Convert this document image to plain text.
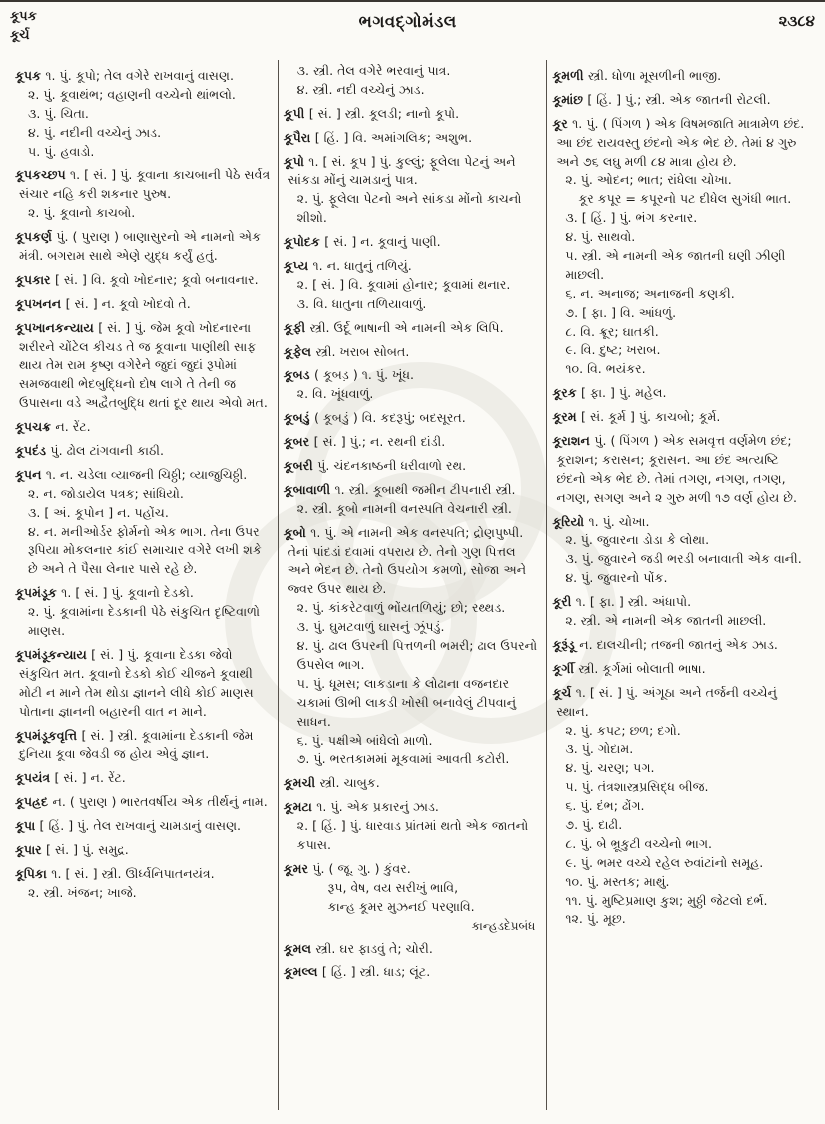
કૂપક
કૂર્ચ
ભગવદ્ગોમંડલ	૨૩૮૪

કૂપક ૧. પું. કૂપો; તેલ વગેરે રાખવાનું વાસણ.

૨. પું. કૂવાથંભ; વહાણની વચ્ચેનો થાંભલો.

૩. પું. ચિતા.

૪. પું. નદીની વચ્ચેનું ઝાડ.

૫. પું. હવાડો.

કૂપકચ્છપ ૧. [ સં. ] પું. કૂવાના કાચબાની પેઠે સર્વત્ર સંચાર નહિ કરી શકનાર પુરુષ.

૨. પું. કૂવાનો કાચબો.

કૂપકર્ણ પું. ( પુરાણ ) બાણાસુરનો એ નામનો એક મંત્રી. બગરામ સાથે એણે યુદ્ધ કર્યું હતું.

કૂપકાર [ સં. ] વિ. કૂવો ખોદનાર; કૂવો બનાવનાર.

કૂપખનન [ સં. ] ન. કૂવો ખોદવો તે.

કૂપખાનકન્યાય [ સં. ] પું. જેમ કૂવો ખોદનારના શરીરને ચોંટેલ કીચડ તે જ કૂવાના પાણીથી સાફ થાય તેમ રામ કૃષ્ણ વગેરેને જુદાં જુદાં રૂપોમાં સમજવાથી ભેદબુદ્ધિનો દોષ લાગે તે તેની જ ઉપાસના વડે અદ્વૈતબુદ્ધિ થતાં દૂર થાય એવો મત.

કૂપચક્ર ન. રેંટ.

કૂપદંડ પું. ઢોલ ટાંગવાની કાઠી.

કૂપન ૧. ન. ચડેલા વ્યાજની ચિઠ્ઠી; વ્યાજુચિઠ્ઠી.

૨. ન. જોડાયેલ પત્રક; સાંધિયો.

૩. [ અં. કૂપોન ] ન. પહોંચ.

૪. ન. મનીઓર્ડર ફોર્મનો એક ભાગ. તેના ઉપર રૂપિયા મોકલનાર કાંઈ સમાચાર વગેરે લખી શકે છે અને તે પૈસા લેનાર પાસે રહે છે.

કૂપમંડૂક ૧. [ સં. ] પું. કૂવાનો દેડકો.

૨. પું. કૂવામાંના દેડકાની પેઠે સંકુચિત દૃષ્ટિવાળો માણસ.

કૂપમંડૂકન્યાય [ સં. ] પું. કૂવાના દેડકા જેવો સંકુચિત મત. કૂવાનો દેડકો કોઈ ચીજને કૂવાથી મોટી ન માને તેમ થોડા જ્ઞાનને લીધે કોઈ માણસ પોતાના જ્ઞાનની બહારની વાત ન માને.

કૂપમંડૂકવૃત્તિ [ સં. ] સ્ત્રી. કૂવામાંના દેડકાની જેમ દુનિયા કૂવા જેવડી જ હોય એવું જ્ઞાન.

કૂપયંત્ર [ સં. ] ન. રેંટ.

કૂપહ્રદ ન. ( પુરાણ ) ભારતવર્ષીય એક તીર્થનું નામ.

કૂપા [ હિં. ] પું. તેલ રાખવાનું ચામડાનું વાસણ.

કૂપાર [ સં. ] પું. સમુદ્ર.

કૂપિકા ૧. [ સં. ] સ્ત્રી. ઊર્ધ્વનિપાતનયંત્ર.

૨. સ્ત્રી. ખંજન; ખાજે.

૩. સ્ત્રી. તેલ વગેરે ભરવાનું પાત્ર.

૪. સ્ત્રી. નદી વચ્ચેનું ઝાડ.

કૂપી [ સં. ] સ્ત્રી. કૂલડી; નાનો કૂપો.

કૂપૈરા [ હિં. ] વિ. અમાંગલિક; અશુભ.

કૂપો ૧. [ સં. કૂપ ] પું. કુલ્લું; ફૂલેલા પેટનું અને સાંકડા મોંનું ચામડાનું પાત્ર.

૨. પું. ફૂલેલા પેટનો અને સાંકડા મોંનો કાચનો શીશો.

કૂપોદક [ સં. ] ન. કૂવાનું પાણી.

કૂપ્ય ૧. ન. ધાતુનું તળિયું.

૨. [ સં. ] વિ. કૂવામાં હોનાર; કૂવામાં થનાર.

૩. વિ. ધાતુના તળિયાવાળું.

કૂફી સ્ત્રી. ઉર્દૂ ભાષાની એ નામની એક લિપિ.

કૂફેલ સ્ત્રી. ખરાબ સોબત.

કૂબડ ( કૂબડ઼ ) ૧. પું. ખૂંધ.

૨. વિ. ખૂંધવાળું.

કૂબડું ( કૂબડ઼ું ) વિ. કદરૂપું; બદસૂરત.

કૂબર [ સં. ] પું.; ન. રથની દાંડી.

કૂબરી પું. ચંદનકાષ્ઠની ધરીવાળો રથ.

કૂબાવાળી ૧. સ્ત્રી. કૂબાથી જમીન ટીપનારી સ્ત્રી.

૨. સ્ત્રી. કૂબો નામની વનસ્પતિ વેચનારી સ્ત્રી.

કૂબો ૧. પું. એ નામની એક વનસ્પતિ; દ્રોણપુષ્પી. તેનાં પાંદડાં દવામાં વપરાય છે. તેનો ગુણ પિત્તલ અને ભેદન છે. તેનો ઉપયોગ કમળો, સોજા અને જ્વર ઉપર થાય છે.

૨. પું. કાંકરેટવાળું ભોંયતળિયું; છો; રથ્થડ.

૩. પું. ઘુમટવાળું ઘાસનું ઝૂંપડું.

૪. પું. ઢાલ ઉપરની પિત્તળની ભમરી; ઢાલ ઉપરનો ઉપસેલ ભાગ.

૫. પું. ધૂમસ; લાકડાના કે લોઢાના વજનદાર ચકામાં ઊભી લાકડી ખોસી બનાવેલું ટીપવાનું સાધન.

૬. પું. પક્ષીએ બાંધેલો માળો.

૭. પું. ભરતકામમાં મૂકવામાં આવતી કટોરી.

કૂમચી સ્ત્રી. ચાબુક.

કૂમટા ૧. પું. એક પ્રકારનું ઝાડ.

૨. [ હિં. ] પું. ધારવાડ પ્રાંતમાં થતો એક જાતનો કપાસ.

કૂમર પું. ( જૂ. ગુ. ) કુંવર.

રૂપ, વેષ, વય સરીખું ભાવિ,

કાન્હ કૂમર મુઝનઈ પરણાવિ.

કાન્હડદેપ્રબંધ

કૂમલ સ્ત્રી. ઘર ફાડવું તે; ચોરી.

કૂમલ્લ [ હિં. ] સ્ત્રી. ધાડ; લૂંટ.

કૂમળી સ્ત્રી. ધોળા મૂસળીની ભાજી.

કૂમાંછ [ હિં. ] પું.; સ્ત્રી. એક જાતની રોટલી.

કૂર ૧. પું. ( પિંગળ ) એક વિષમજાતિ માત્રામેળ છંદ. આ છંદ રાયવસ્તુ છંદનો એક ભેદ છે. તેમાં ૪ ગુરુ અને ૭૬ લઘુ મળી ૮૪ માત્રા હોય છે.

૨. પું. ઓદન; ભાત; રાંધેલા ચોખા.

કૂર કપૂર = કપૂરનો પટ દીધેલ સુગંધી ભાત.

૩. [ હિં. ] પું. ભંગ કરનાર.

૪. પું. સાથવો.

૫. સ્ત્રી. એ નામની એક જાતની ઘણી ઝીણી માછલી.

૬. ન. અનાજ; અનાજની કણકી.

૭. [ ફા. ] વિ. આંધળું.

૮. વિ. ક્રૂર; ઘાતકી.

૯. વિ. દુષ્ટ; ખરાબ.

૧૦. વિ. ભયંકર.

કૂરક [ ફા. ] પું. મહેલ.

કૂરમ [ સં. કૂર્મ ] પું. કાચબો; કૂર્મ.

કૂરાશન પું. ( પિંગળ ) એક સમવૃત્ત વર્ણમેળ છંદ; કૂરાશન; કરાસન; કૂરાસન. આ છંદ અત્યષ્ટિ છંદનો એક ભેદ છે. તેમાં તગણ, નગણ, તગણ, નગણ, સગણ અને ૨ ગુરુ મળી ૧૭ વર્ણ હોય છે.

કૂરિયો ૧. પું. ચોખા.

૨. પું. જુવારના ડોડા કે લોથા.

૩. પું. જુવારને જડી ભરડી બનાવાતી એક વાની.

૪. પું. જુવારનો પોંક.

કૂરી ૧. [ ફા. ] સ્ત્રી. અંધાપો.

૨. સ્ત્રી. એ નામની એક જાતની માછલી.

કૂરૂંડૂ ન. દાલચીની; તજની જાતનું એક ઝાડ.

કૂર્ગી સ્ત્રી. કૂર્ગમાં બોલાતી ભાષા.

કૂર્ચ ૧. [ સં. ] પું. અંગૂઠા અને તર્જની વચ્ચેનું સ્થાન.

૨. પું. કપટ; છળ; દગો.

૩. પું. ગોદામ.

૪. પું. ચરણ; પગ.

૫. પું. તંત્રશાસ્ત્રપ્રસિદ્ધ બીજ.

૬. પું. દંભ; ઢોંગ.

૭. પું. દાઢી.

૮. પું. બે ભ્રૂકુટી વચ્ચેનો ભાગ.

૯. પું. ભમર વચ્ચે રહેલ રુવાંટાંનો સમૂહ.

૧૦. પું. મસ્તક; માથું.

૧૧. પું. મુષ્ટિપ્રમાણ કુશ; મુઠ્ઠી જેટલો દર્ભ.

૧૨. પું. મૂછ.
